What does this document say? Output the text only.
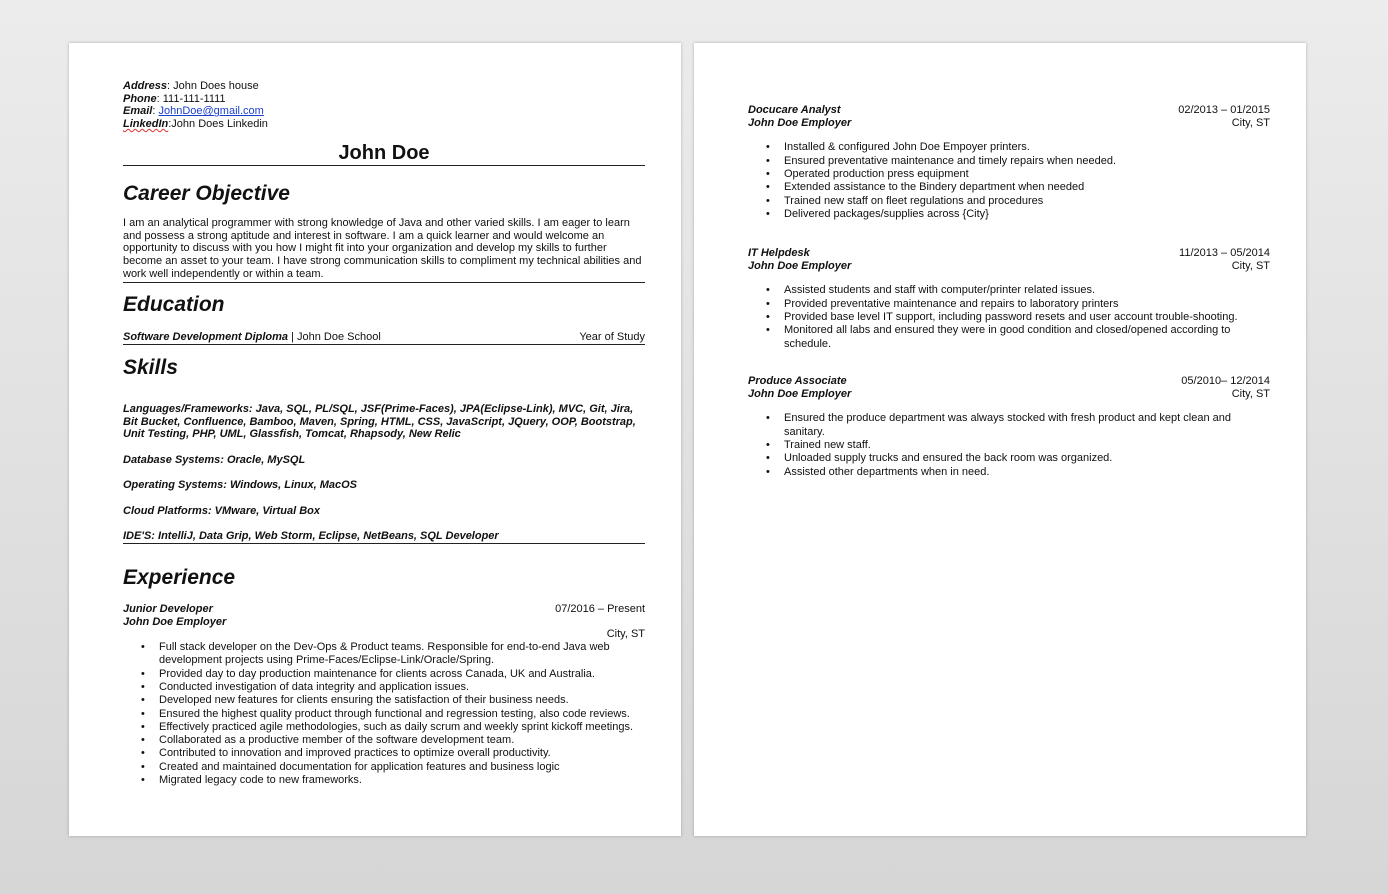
Address: John Does house
Phone: 111-111-1111
Email: JohnDoe@gmail.com
LinkedIn:John Does Linkedin
John Doe
Career Objective
I am an analytical programmer with strong knowledge of Java and other varied skills. I am eager to learn and possess a strong aptitude and interest in software. I am a quick learner and would welcome an opportunity to discuss with you how I might fit into your organization and develop my skills to further become an asset to your team. I have strong communication skills to compliment my technical abilities and work well independently or within a team.
Education
Software Development Diploma | John Doe School	Year of Study
Skills
Languages/Frameworks: Java, SQL, PL/SQL, JSF(Prime-Faces), JPA(Eclipse-Link), MVC, Git, Jira, Bit Bucket, Confluence, Bamboo, Maven, Spring, HTML, CSS, JavaScript, JQuery, OOP, Bootstrap, Unit Testing, PHP, UML, Glassfish, Tomcat, Rhapsody, New Relic
Database Systems: Oracle, MySQL
Operating Systems: Windows, Linux, MacOS
Cloud Platforms: VMware, Virtual Box
IDE'S: IntelliJ, Data Grip, Web Storm, Eclipse, NetBeans, SQL Developer
Experience
Junior Developer	07/2016 – Present
John Doe Employer
City, ST
• Full stack developer on the Dev-Ops & Product teams. Responsible for end-to-end Java web development projects using Prime-Faces/Eclipse-Link/Oracle/Spring.
• Provided day to day production maintenance for clients across Canada, UK and Australia.
• Conducted investigation of data integrity and application issues.
• Developed new features for clients ensuring the satisfaction of their business needs.
• Ensured the highest quality product through functional and regression testing, also code reviews.
• Effectively practiced agile methodologies, such as daily scrum and weekly sprint kickoff meetings.
• Collaborated as a productive member of the software development team.
• Contributed to innovation and improved practices to optimize overall productivity.
• Created and maintained documentation for application features and business logic
• Migrated legacy code to new frameworks.
Docucare Analyst	02/2013 – 01/2015
John Doe Employer	City, ST
• Installed & configured John Doe Empoyer printers.
• Ensured preventative maintenance and timely repairs when needed.
• Operated production press equipment
• Extended assistance to the Bindery department when needed
• Trained new staff on fleet regulations and procedures
• Delivered packages/supplies across {City}
IT Helpdesk	11/2013 – 05/2014
John Doe Employer	City, ST
• Assisted students and staff with computer/printer related issues.
• Provided preventative maintenance and repairs to laboratory printers
• Provided base level IT support, including password resets and user account trouble-shooting.
• Monitored all labs and ensured they were in good condition and closed/opened according to schedule.
Produce Associate	05/2010– 12/2014
John Doe Employer	City, ST
• Ensured the produce department was always stocked with fresh product and kept clean and sanitary.
• Trained new staff.
• Unloaded supply trucks and ensured the back room was organized.
• Assisted other departments when in need.
